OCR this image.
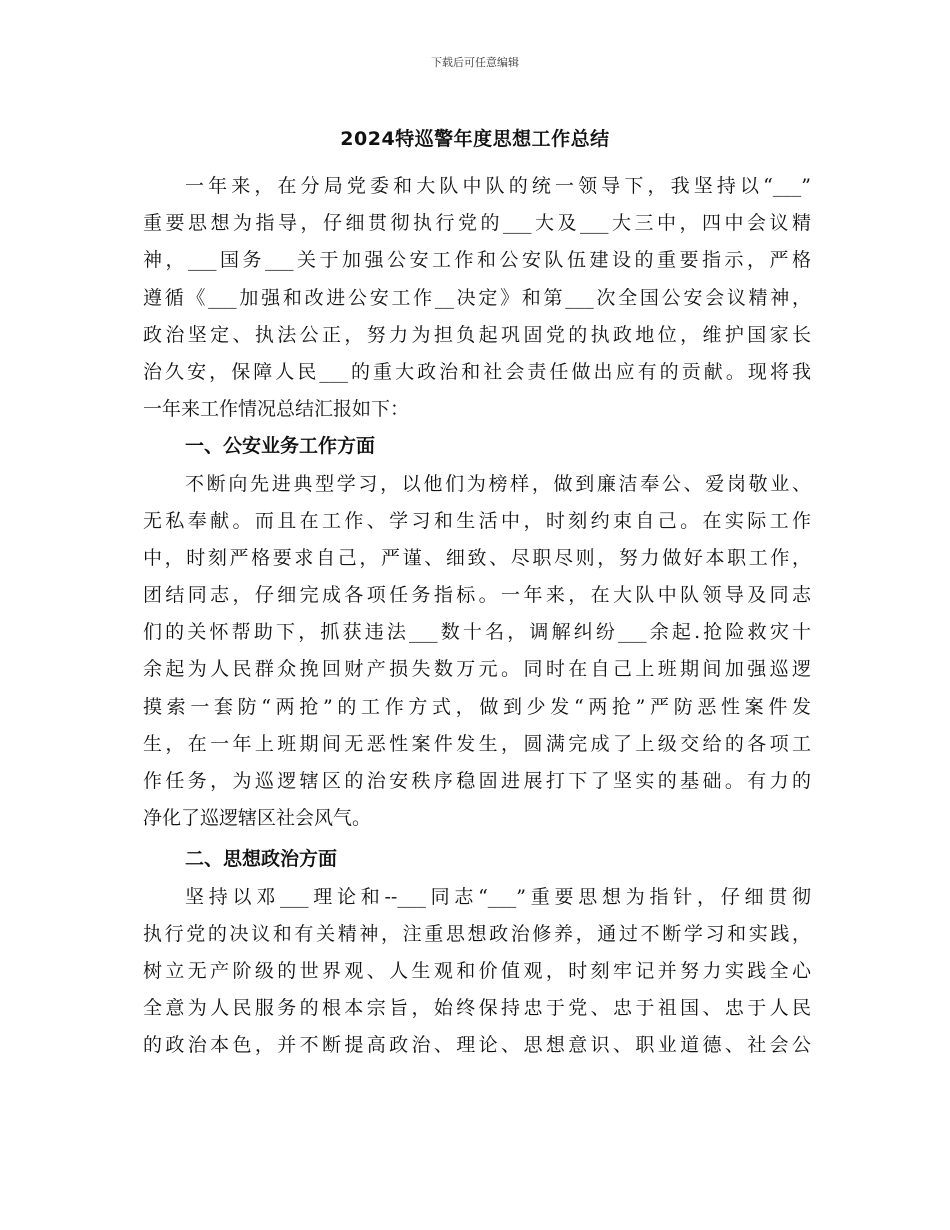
下载后可任意编辑
2024特巡警年度思想工作总结
一年来，在分局党委和大队中队的统一领导下，我坚持以“___”
重要思想为指导，仔细贯彻执行党的___大及___大三中，四中会议精
神，___国务___关于加强公安工作和公安队伍建设的重要指示，严格
遵循《___加强和改进公安工作__决定》和第___次全国公安会议精神，
政治坚定、执法公正，努力为担负起巩固党的执政地位，维护国家长
治久安，保障人民___的重大政治和社会责任做出应有的贡献。现将我
一年来工作情况总结汇报如下：
一、公安业务工作方面
不断向先进典型学习，以他们为榜样，做到廉洁奉公、爱岗敬业、
无私奉献。而且在工作、学习和生活中，时刻约束自己。在实际工作
中，时刻严格要求自己，严谨、细致、尽职尽则，努力做好本职工作，
团结同志，仔细完成各项任务指标。一年来，在大队中队领导及同志
们的关怀帮助下，抓获违法___数十名，调解纠纷___余起.抢险救灾十
余起为人民群众挽回财产损失数万元。同时在自己上班期间加强巡逻
摸索一套防“两抢”的工作方式，做到少发“两抢”严防恶性案件发
生，在一年上班期间无恶性案件发生，圆满完成了上级交给的各项工
作任务，为巡逻辖区的治安秩序稳固进展打下了坚实的基础。有力的
净化了巡逻辖区社会风气。
二、思想政治方面
坚持以邓___理论和--___同志“___”重要思想为指针，仔细贯彻
执行党的决议和有关精神，注重思想政治修养，通过不断学习和实践，
树立无产阶级的世界观、人生观和价值观，时刻牢记并努力实践全心
全意为人民服务的根本宗旨，始终保持忠于党、忠于祖国、忠于人民
的政治本色，并不断提高政治、理论、思想意识、职业道德、社会公
